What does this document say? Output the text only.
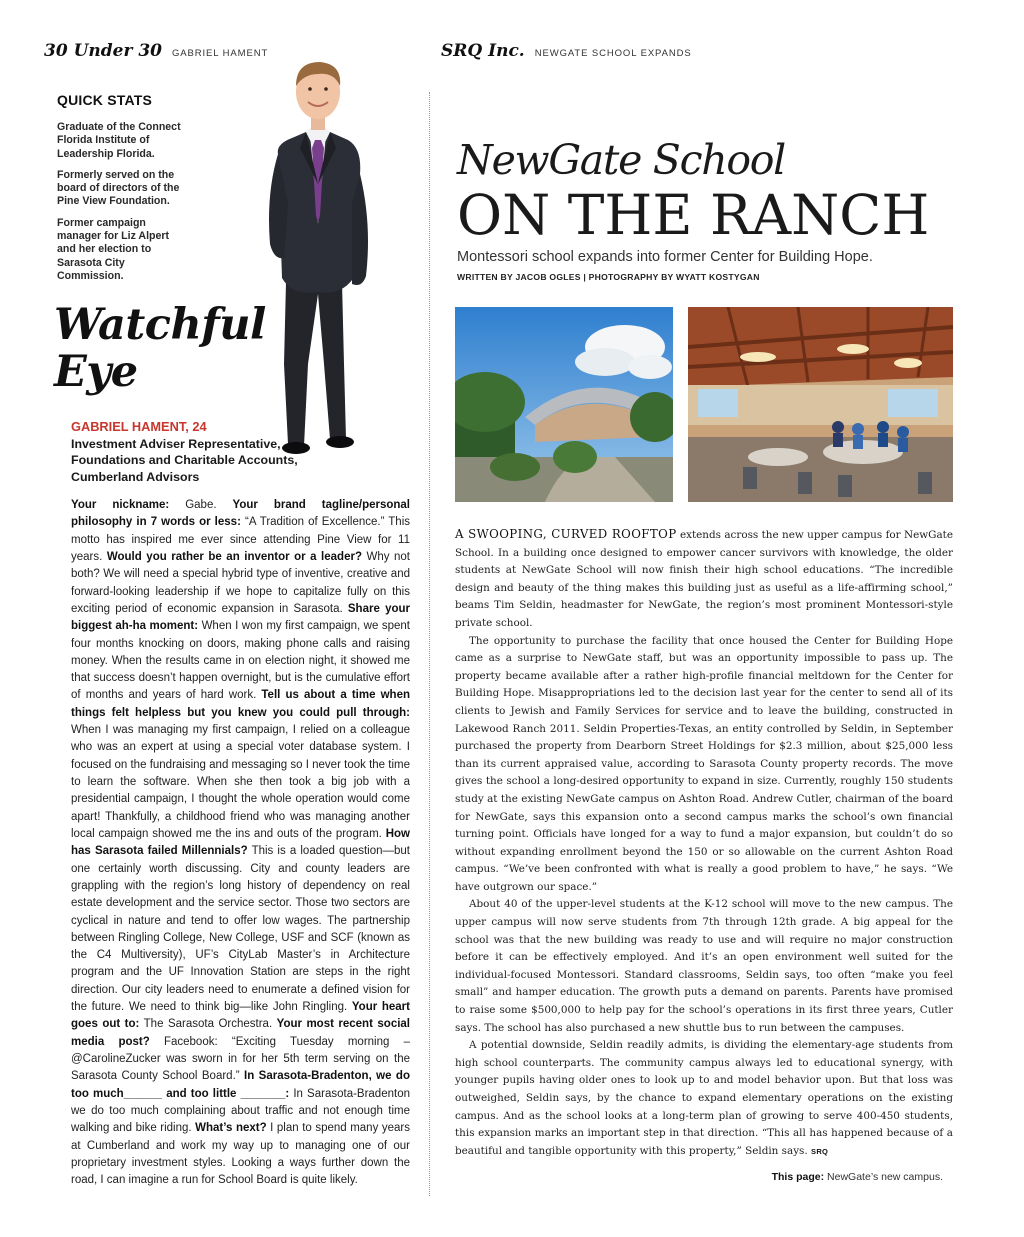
30 Under 30 GABRIEL HAMENT	SRQ Inc. NEWGATE SCHOOL EXPANDS
QUICK STATS
Graduate of the Connect Florida Institute of Leadership Florida.
Formerly served on the board of directors of the Pine View Foundation.
Former campaign manager for Liz Alpert and her election to Sarasota City Commission.
Watchful Eye
GABRIEL HAMENT, 24
Investment Adviser Representative, Foundations and Charitable Accounts, Cumberland Advisors

Your nickname: Gabe. Your brand tagline/personal philosophy in 7 words or less: “A Tradition of Excellence.” This motto has inspired me ever since attending Pine View for 11 years. Would you rather be an inventor or a leader? Why not both? We will need a special hybrid type of inventive, creative and forward-looking leadership if we hope to capitalize fully on this exciting period of economic expansion in Sarasota. Share your biggest ah-ha moment: When I won my first campaign, we spent four months knocking on doors, making phone calls and raising money. When the results came in on election night, it showed me that success doesn’t happen overnight, but is the cumulative effort of months and years of hard work. Tell us about a time when things felt helpless but you knew you could pull through: When I was managing my first campaign, I relied on a colleague who was an expert at using a special voter database system. I focused on the fundraising and messaging so I never took the time to learn the software. When she then took a big job with a presidential campaign, I thought the whole operation would come apart! Thankfully, a childhood friend who was managing another local campaign showed me the ins and outs of the program. How has Sarasota failed Millennials? This is a loaded question—but one certainly worth discussing. City and county leaders are grappling with the region’s long history of dependency on real estate development and the service sector. Those two sectors are cyclical in nature and tend to offer low wages. The partnership between Ringling College, New College, USF and SCF (known as the C4 Multiversity), UF’s CityLab Master’s in Architecture program and the UF Innovation Station are steps in the right direction. Our city leaders need to enumerate a defined vision for the future. We need to think big—like John Ringling. Your heart goes out to: The Sarasota Orchestra. Your most recent social media post? Facebook: “Exciting Tuesday morning – @CarolineZucker was sworn in for her 5th term serving on the Sarasota County School Board.” In Sarasota-Bradenton, we do too much______ and too little _______: In Sarasota-Bradenton we do too much complaining about traffic and not enough time walking and bike riding. What’s next? I plan to spend many years at Cumberland and work my way up to managing one of our proprietary investment styles. Looking a ways further down the road, I can imagine a run for School Board is quite likely.

NewGate School
ON THE RANCH
Montessori school expands into former Center for Building Hope.
WRITTEN BY JACOB OGLES | PHOTOGRAPHY BY WYATT KOSTYGAN

A SWOOPING, CURVED ROOFTOP extends across the new upper campus for NewGate School. In a building once designed to empower cancer survivors with knowledge, the older students at NewGate School will now finish their high school educations. “The incredible design and beauty of the thing makes this building just as useful as a life-affirming school,” beams Tim Seldin, headmaster for NewGate, the region’s most prominent Montessori-style private school.

The opportunity to purchase the facility that once housed the Center for Building Hope came as a surprise to NewGate staff, but was an opportunity impossible to pass up. The property became available after a rather high-profile financial meltdown for the Center for Building Hope. Misappropriations led to the decision last year for the center to send all of its clients to Jewish and Family Services for service and to leave the building, constructed in Lakewood Ranch 2011. Seldin Properties-Texas, an entity controlled by Seldin, in September purchased the property from Dearborn Street Holdings for $2.3 million, about $25,000 less than its current appraised value, according to Sarasota County property records. The move gives the school a long-desired opportunity to expand in size. Currently, roughly 150 students study at the existing NewGate campus on Ashton Road. Andrew Cutler, chairman of the board for NewGate, says this expansion onto a second campus marks the school’s own financial turning point. Officials have longed for a way to fund a major expansion, but couldn’t do so without expanding enrollment beyond the 150 or so allowable on the current Ashton Road campus. “We’ve been confronted with what is really a good problem to have,” he says. “We have outgrown our space.”

About 40 of the upper-level students at the K-12 school will move to the new campus. The upper campus will now serve students from 7th through 12th grade. A big appeal for the school was that the new building was ready to use and will require no major construction before it can be effectively employed. And it’s an open environment well suited for the individual-focused Montessori. Standard classrooms, Seldin says, too often “make you feel small” and hamper education. The growth puts a demand on parents. Parents have promised to raise some $500,000 to help pay for the school’s operations in its first three years, Cutler says. The school has also purchased a new shuttle bus to run between the campuses.

A potential downside, Seldin readily admits, is dividing the elementary-age students from high school counterparts. The community campus always led to educational synergy, with younger pupils having older ones to look up to and model behavior upon. But that loss was outweighed, Seldin says, by the chance to expand elementary operations on the existing campus. And as the school looks at a long-term plan of growing to serve 400-450 students, this expansion marks an important step in that direction. “This all has happened because of a beautiful and tangible opportunity with this property,” Seldin says. SRQ

This page: NewGate’s new campus.
